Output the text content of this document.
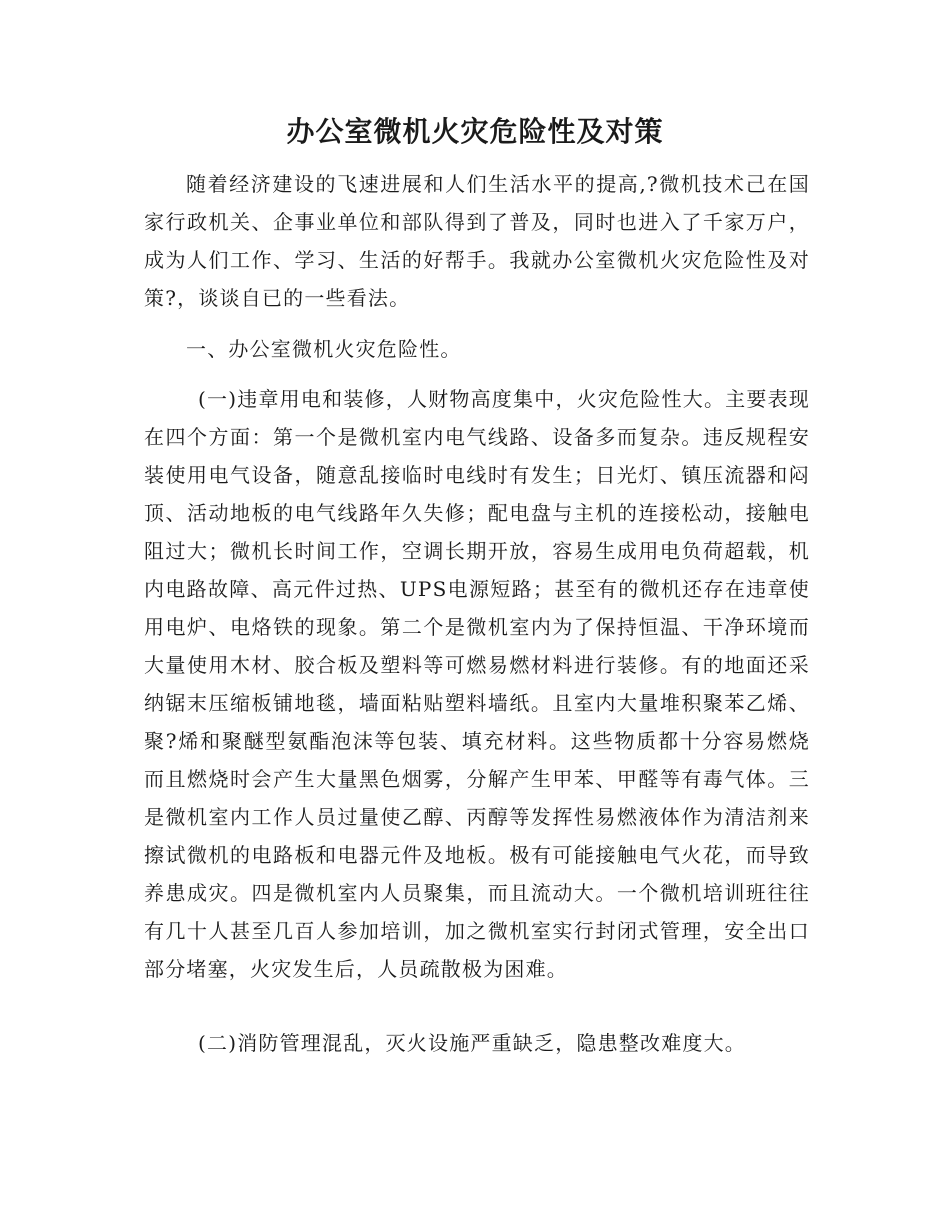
办公室微机火灾危险性及对策

随着经济建设的飞速进展和人们生活水平的提高,?微机技术己在国家行政机关、企事业单位和部队得到了普及，同时也进入了千家万户，成为人们工作、学习、生活的好帮手。我就办公室微机火灾危险性及对策?，谈谈自已的一些看法。

一、办公室微机火灾危险性。

(一)违章用电和装修，人财物高度集中，火灾危险性大。主要表现在四个方面：第一个是微机室内电气线路、设备多而复杂。违反规程安装使用电气设备，随意乱接临时电线时有发生；日光灯、镇压流器和闷顶、活动地板的电气线路年久失修；配电盘与主机的连接松动，接触电阻过大；微机长时间工作，空调长期开放，容易生成用电负荷超载，机内电路故障、高元件过热、UPS电源短路；甚至有的微机还存在违章使用电炉、电烙铁的现象。第二个是微机室内为了保持恒温、干净环境而大量使用木材、胶合板及塑料等可燃易燃材料进行装修。有的地面还采纳锯末压缩板铺地毯，墙面粘贴塑料墙纸。且室内大量堆积聚苯乙烯、聚?烯和聚醚型氨酯泡沫等包装、填充材料。这些物质都十分容易燃烧而且燃烧时会产生大量黑色烟雾，分解产生甲苯、甲醛等有毒气体。三是微机室内工作人员过量使乙醇、丙醇等发挥性易燃液体作为清洁剂来擦试微机的电路板和电器元件及地板。极有可能接触电气火花，而导致养患成灾。四是微机室内人员聚集，而且流动大。一个微机培训班往往有几十人甚至几百人参加培训，加之微机室实行封闭式管理，安全出口部分堵塞，火灾发生后，人员疏散极为困难。

(二)消防管理混乱，灭火设施严重缺乏，隐患整改难度大。
